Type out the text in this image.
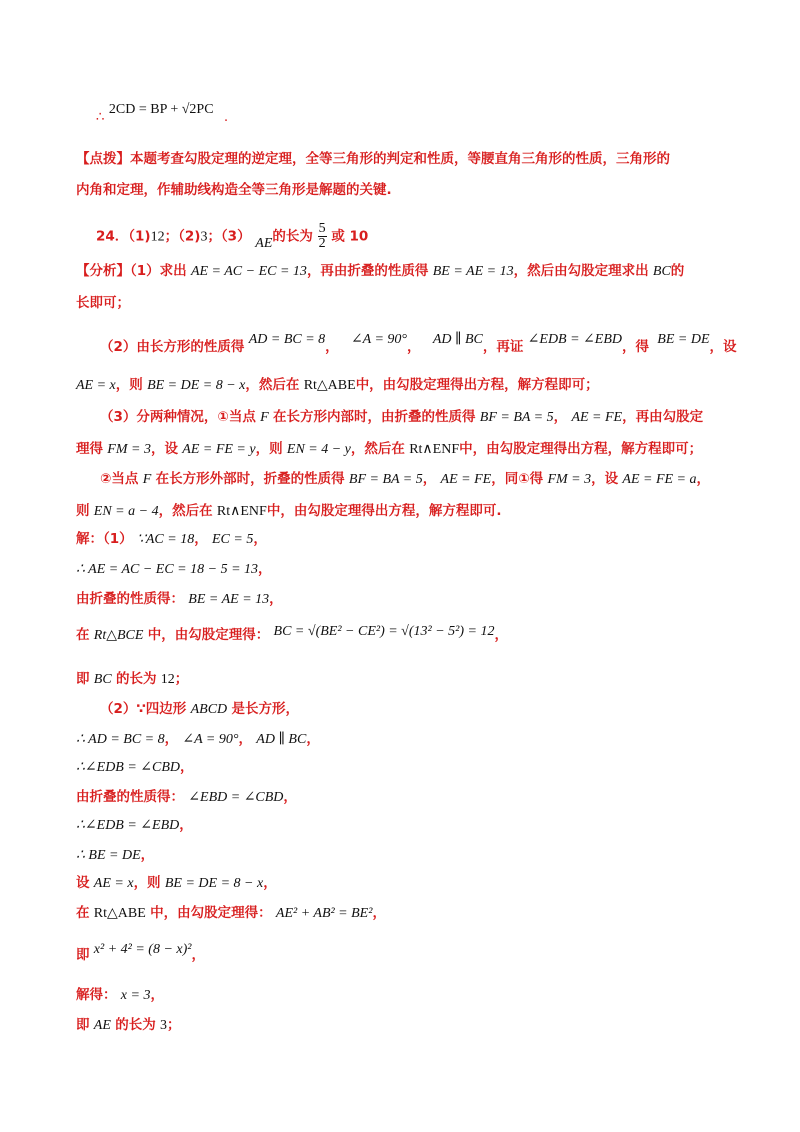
∴ 2CD = BP + √2PC .
【点拨】本题考查勾股定理的逆定理，全等三角形的判定和性质，等腰直角三角形的性质，三角形的
内角和定理，作辅助线构造全等三角形是解题的关键.
24．（1)12；（2)3；（3） AE的长为 $\frac{5}{2}$ 或 10
【分析】（1）求出 AE = AC − EC = 13，再由折叠的性质得 BE = AE = 13，然后由勾股定理求出 BC的
长即可；
（2）由长方形的性质得 AD = BC = 8， ∠A = 90°， AD ∥ BC，再证 ∠EDB = ∠EBD，得 BE = DE，设
AE = x，则 BE = DE = 8 − x，然后在 Rt△ABE中，由勾股定理得出方程，解方程即可；
（3）分两种情况，①当点 F 在长方形内部时，由折叠的性质得 BF = BA = 5， AE = FE，再由勾股定
理得 FM = 3，设 AE = FE = y，则 EN = 4 − y，然后在 Rt∧ENF中，由勾股定理得出方程，解方程即可；
②当点 F 在长方形外部时，折叠的性质得 BF = BA = 5， AE = FE，同①得 FM = 3，设 AE = FE = a，
则 EN = a − 4，然后在 Rt∧ENF中，由勾股定理得出方程，解方程即可.
解：（1） ∵AC = 18， EC = 5，
∴ AE = AC − EC = 18 − 5 = 13，
由折叠的性质得： BE = AE = 13，
在 Rt△BCE 中，由勾股定理得： BC = √(BE² − CE²) = √(13² − 5²) = 12，
即 BC 的长为 12；
（2）∵四边形 ABCD 是长方形，
∴ AD = BC = 8， ∠A = 90°， AD ∥ BC，
∴∠EDB = ∠CBD，
由折叠的性质得： ∠EBD = ∠CBD，
∴∠EDB = ∠EBD，
∴ BE = DE，
设 AE = x，则 BE = DE = 8 − x，
在 Rt△ABE 中，由勾股定理得： AE² + AB² = BE²，
即 x² + 4² = (8 − x)²，
解得： x = 3，
即 AE 的长为 3；
